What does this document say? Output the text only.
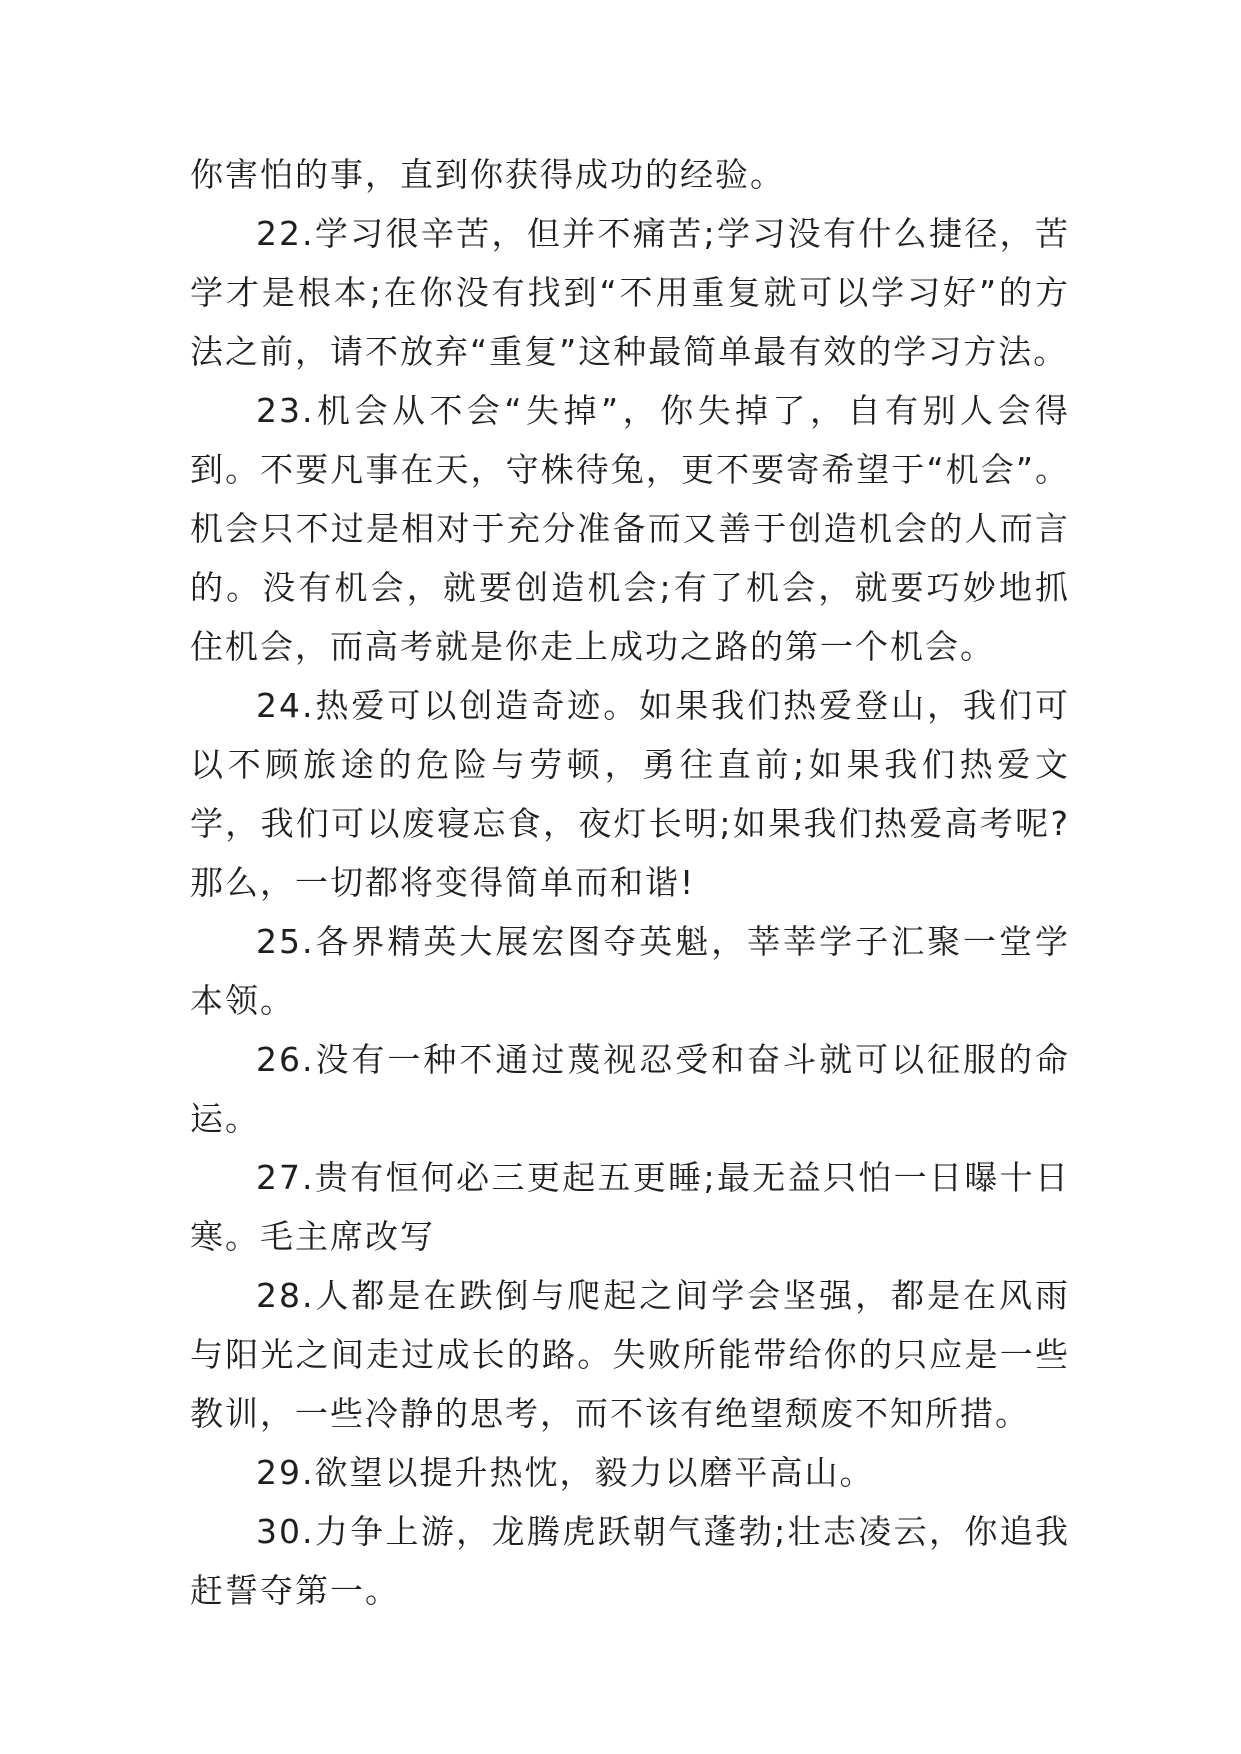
你害怕的事，直到你获得成功的经验。

22.学习很辛苦，但并不痛苦;学习没有什么捷径，苦学才是根本;在你没有找到“不用重复就可以学习好”的方法之前，请不放弃“重复”这种最简单最有效的学习方法。

23.机会从不会“失掉”，你失掉了，自有别人会得到。不要凡事在天，守株待兔，更不要寄希望于“机会”。机会只不过是相对于充分准备而又善于创造机会的人而言的。没有机会，就要创造机会;有了机会，就要巧妙地抓住机会，而高考就是你走上成功之路的第一个机会。

24.热爱可以创造奇迹。如果我们热爱登山，我们可以不顾旅途的危险与劳顿，勇往直前;如果我们热爱文学，我们可以废寝忘食，夜灯长明;如果我们热爱高考呢?那么，一切都将变得简单而和谐!

25.各界精英大展宏图夺英魁，莘莘学子汇聚一堂学本领。

26.没有一种不通过蔑视忍受和奋斗就可以征服的命运。

27.贵有恒何必三更起五更睡;最无益只怕一日曝十日寒。毛主席改写

28.人都是在跌倒与爬起之间学会坚强，都是在风雨与阳光之间走过成长的路。失败所能带给你的只应是一些教训，一些冷静的思考，而不该有绝望颓废不知所措。

29.欲望以提升热忱，毅力以磨平高山。

30.力争上游，龙腾虎跃朝气蓬勃;壮志凌云，你追我赶誓夺第一。
